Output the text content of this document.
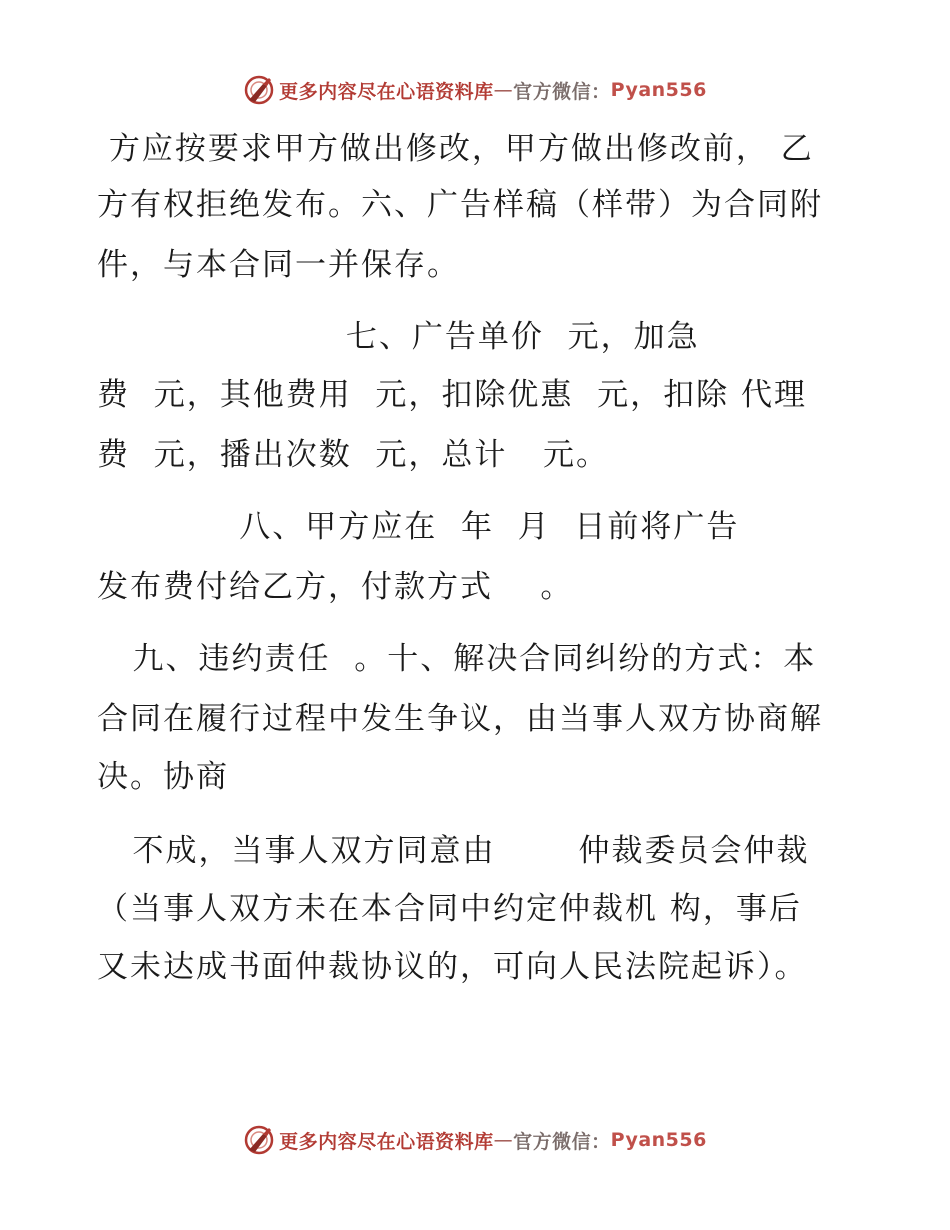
更多内容尽在心语资料库 — 官方微信： Pyan556
方应按要求甲方做出修改，甲方做出修改前， 乙
方有权拒绝发布。六、广告样稿（样带）为合同附
件，与本合同一并保存。
七、广告单价  元，加急
费  元，其他费用  元，扣除优惠  元，扣除 代理
费  元，播出次数  元，总计   元。
八、甲方应在  年  月  日前将广告
发布费付给乙方，付款方式    。
九、违约责任  。十、解决合同纠纷的方式：本
合同在履行过程中发生争议，由当事人双方协商解
决。协商
不成，当事人双方同意由       仲裁委员会仲裁
（当事人双方未在本合同中约定仲裁机 构，事后
又未达成书面仲裁协议的，可向人民法院起诉）。
更多内容尽在心语资料库 — 官方微信： Pyan556
